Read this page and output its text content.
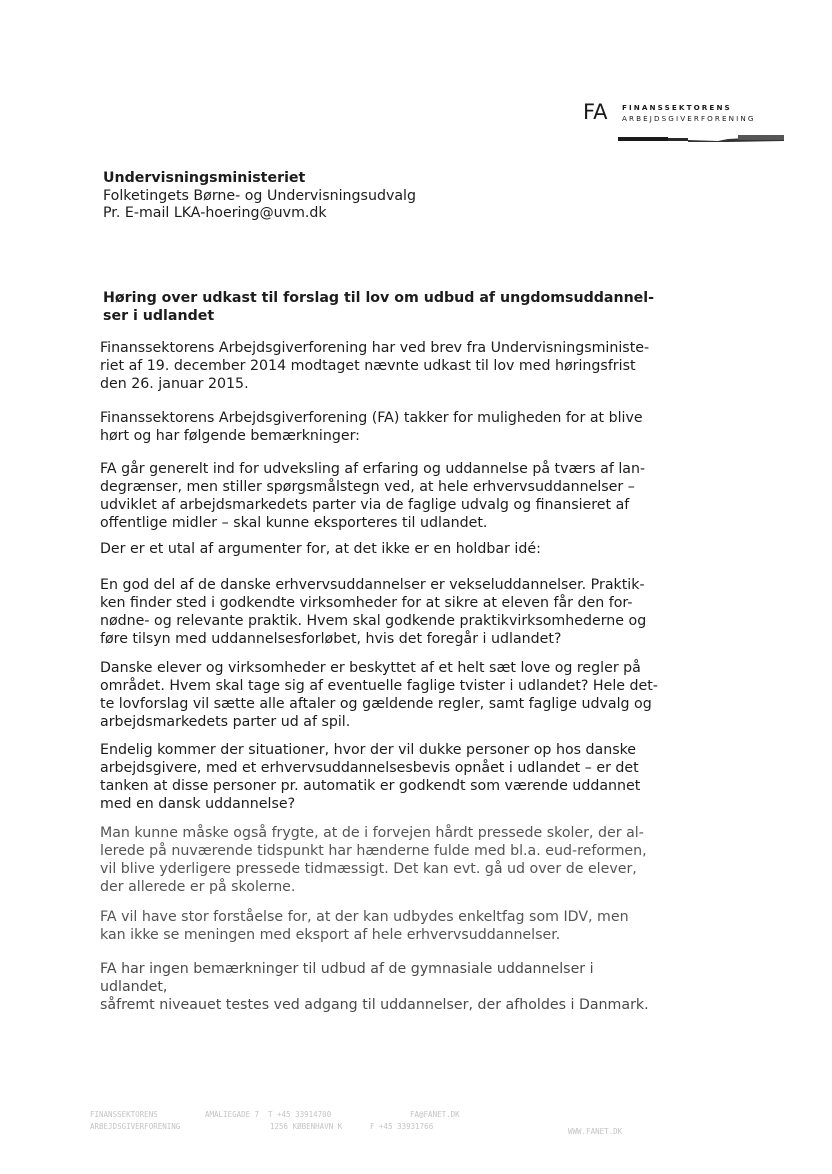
FA FINANSSEKTORENS
ARBEJDSGIVERFORENING
Undervisningsministeriet
Folketingets Børne- og Undervisningsudvalg
Pr. E-mail LKA-hoering@uvm.dk
Høring over udkast til forslag til lov om udbud af ungdomsuddannel-
ser i udlandet
Finanssektorens Arbejdsgiverforening har ved brev fra Undervisningsministe-
riet af 19. december 2014 modtaget nævnte udkast til lov med høringsfrist
den 26. januar 2015.
Finanssektorens Arbejdsgiverforening (FA) takker for muligheden for at blive
hørt og har følgende bemærkninger:
FA går generelt ind for udveksling af erfaring og uddannelse på tværs af lan-
degrænser, men stiller spørgsmålstegn ved, at hele erhvervsuddannelser –
udviklet af arbejdsmarkedets parter via de faglige udvalg og finansieret af
offentlige midler – skal kunne eksporteres til udlandet.
Der er et utal af argumenter for, at det ikke er en holdbar idé:
En god del af de danske erhvervsuddannelser er vekseluddannelser. Praktik-
ken finder sted i godkendte virksomheder for at sikre at eleven får den for-
nødne- og relevante praktik. Hvem skal godkende praktikvirksomhederne og
føre tilsyn med uddannelsesforløbet, hvis det foregår i udlandet?
Danske elever og virksomheder er beskyttet af et helt sæt love og regler på
området. Hvem skal tage sig af eventuelle faglige tvister i udlandet? Hele det-
te lovforslag vil sætte alle aftaler og gældende regler, samt faglige udvalg og
arbejdsmarkedets parter ud af spil.
Endelig kommer der situationer, hvor der vil dukke personer op hos danske
arbejdsgivere, med et erhvervsuddannelsesbevis opnået i udlandet – er det
tanken at disse personer pr. automatik er godkendt som værende uddannet
med en dansk uddannelse?
Man kunne måske også frygte, at de i forvejen hårdt pressede skoler, der al-
lerede på nuværende tidspunkt har hænderne fulde med bl.a. eud-reformen,
vil blive yderligere pressede tidmæssigt. Det kan evt. gå ud over de elever,
der allerede er på skolerne.
FA vil have stor forståelse for, at der kan udbydes enkeltfag som IDV, men
kan ikke se meningen med eksport af hele erhvervsuddannelser.
FA har ingen bemærkninger til udbud af de gymnasiale uddannelser i udlandet,
såfremt niveauet testes ved adgang til uddannelser, der afholdes i Danmark.
FINANSSEKTORENS
ARBEJDSGIVERFORENING
AMALIEGADE 7
1256 KØBENHAVN K
T +45 33914700
F +45 33931766
FA@FANET.DK
WWW.FANET.DK
